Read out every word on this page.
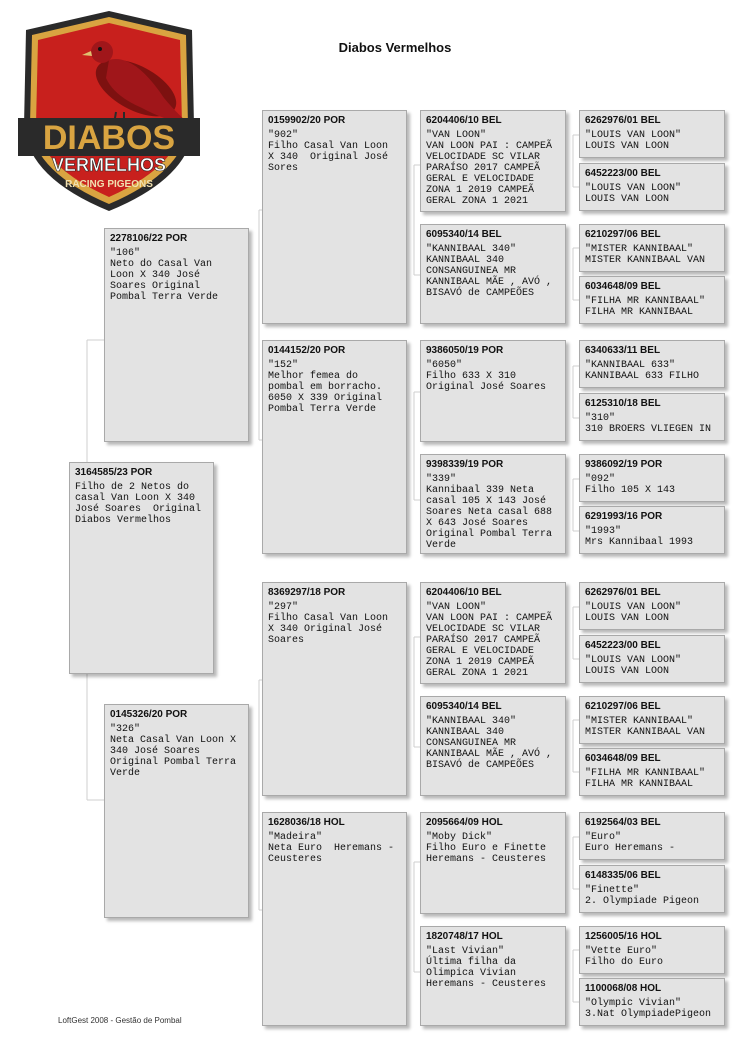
DIABOS
VERMELHOS
RACING PIGEONS
Diabos Vermelhos
3164585/23 POR
Filho de 2 Netos do
casal Van Loon X 340
José Soares  Original
Diabos Vermelhos
2278106/22 POR
"106"
Neto do Casal Van
Loon X 340 José
Soares Original
Pombal Terra Verde
0145326/20 POR
"326"
Neta Casal Van Loon X
340 José Soares
Original Pombal Terra
Verde
0159902/20 POR
"902"
Filho Casal Van Loon
X 340  Original José
Sores
0144152/20 POR
"152"
Melhor femea do
pombal em borracho.
6050 X 339 Original
Pombal Terra Verde
8369297/18 POR
"297"
Filho Casal Van Loon
X 340 Original José
Soares
1628036/18 HOL
"Madeira"
Neta Euro  Heremans -
Ceusteres
6204406/10 BEL
"VAN LOON"
VAN LOON PAI : CAMPEÃ
VELOCIDADE SC VILAR
PARAÍSO 2017 CAMPEÃ
GERAL E VELOCIDADE
ZONA 1 2019 CAMPEÃ
GERAL ZONA 1 2021
6095340/14 BEL
"KANNIBAAL 340"
KANNIBAAL 340
CONSANGUINEA MR
KANNIBAAL MÃE , AVÓ ,
BISAVÓ de CAMPEÕES
9386050/19 POR
"6050"
Filho 633 X 310
Original José Soares
9398339/19 POR
"339"
Kannibaal 339 Neta
casal 105 X 143 José
Soares Neta casal 688
X 643 José Soares
Original Pombal Terra
Verde
6204406/10 BEL
"VAN LOON"
VAN LOON PAI : CAMPEÃ
VELOCIDADE SC VILAR
PARAÍSO 2017 CAMPEÃ
GERAL E VELOCIDADE
ZONA 1 2019 CAMPEÃ
GERAL ZONA 1 2021
6095340/14 BEL
"KANNIBAAL 340"
KANNIBAAL 340
CONSANGUINEA MR
KANNIBAAL MÃE , AVÓ ,
BISAVÓ de CAMPEÕES
2095664/09 HOL
"Moby Dick"
Filho Euro e Finette
Heremans - Ceusteres
1820748/17 HOL
"Last Vivian"
Última filha da
Olimpica Vivian
Heremans - Ceusteres
6262976/01 BEL
"LOUIS VAN LOON"
LOUIS VAN LOON
6452223/00 BEL
"LOUIS VAN LOON"
LOUIS VAN LOON
6210297/06 BEL
"MISTER KANNIBAAL"
MISTER KANNIBAAL VAN
6034648/09 BEL
"FILHA MR KANNIBAAL"
FILHA MR KANNIBAAL
6340633/11 BEL
"KANNIBAAL 633"
KANNIBAAL 633 FILHO
6125310/18 BEL
"310"
310 BROERS VLIEGEN IN
9386092/19 POR
"092"
Filho 105 X 143
6291993/16 POR
"1993"
Mrs Kannibaal 1993
6262976/01 BEL
"LOUIS VAN LOON"
LOUIS VAN LOON
6452223/00 BEL
"LOUIS VAN LOON"
LOUIS VAN LOON
6210297/06 BEL
"MISTER KANNIBAAL"
MISTER KANNIBAAL VAN
6034648/09 BEL
"FILHA MR KANNIBAAL"
FILHA MR KANNIBAAL
6192564/03 BEL
"Euro"
Euro Heremans -
6148335/06 BEL
"Finette"
2. Olympiade Pigeon
1256005/16 HOL
"Vette Euro"
Filho do Euro
1100068/08 HOL
"Olympic Vivian"
3.Nat OlympiadePigeon
LoftGest 2008 - Gestão de Pombal
